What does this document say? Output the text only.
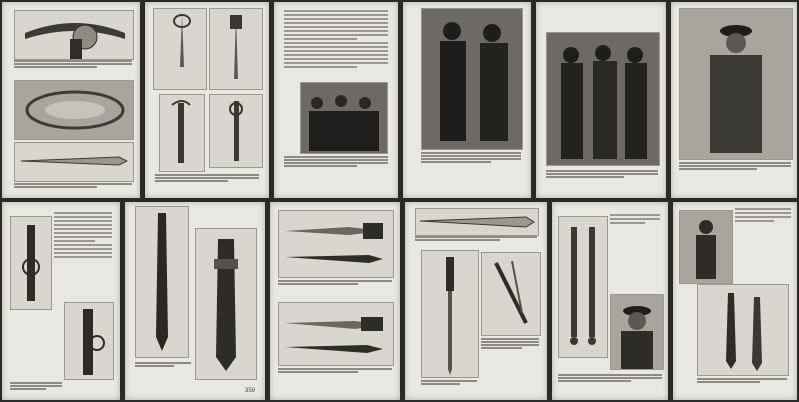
359
